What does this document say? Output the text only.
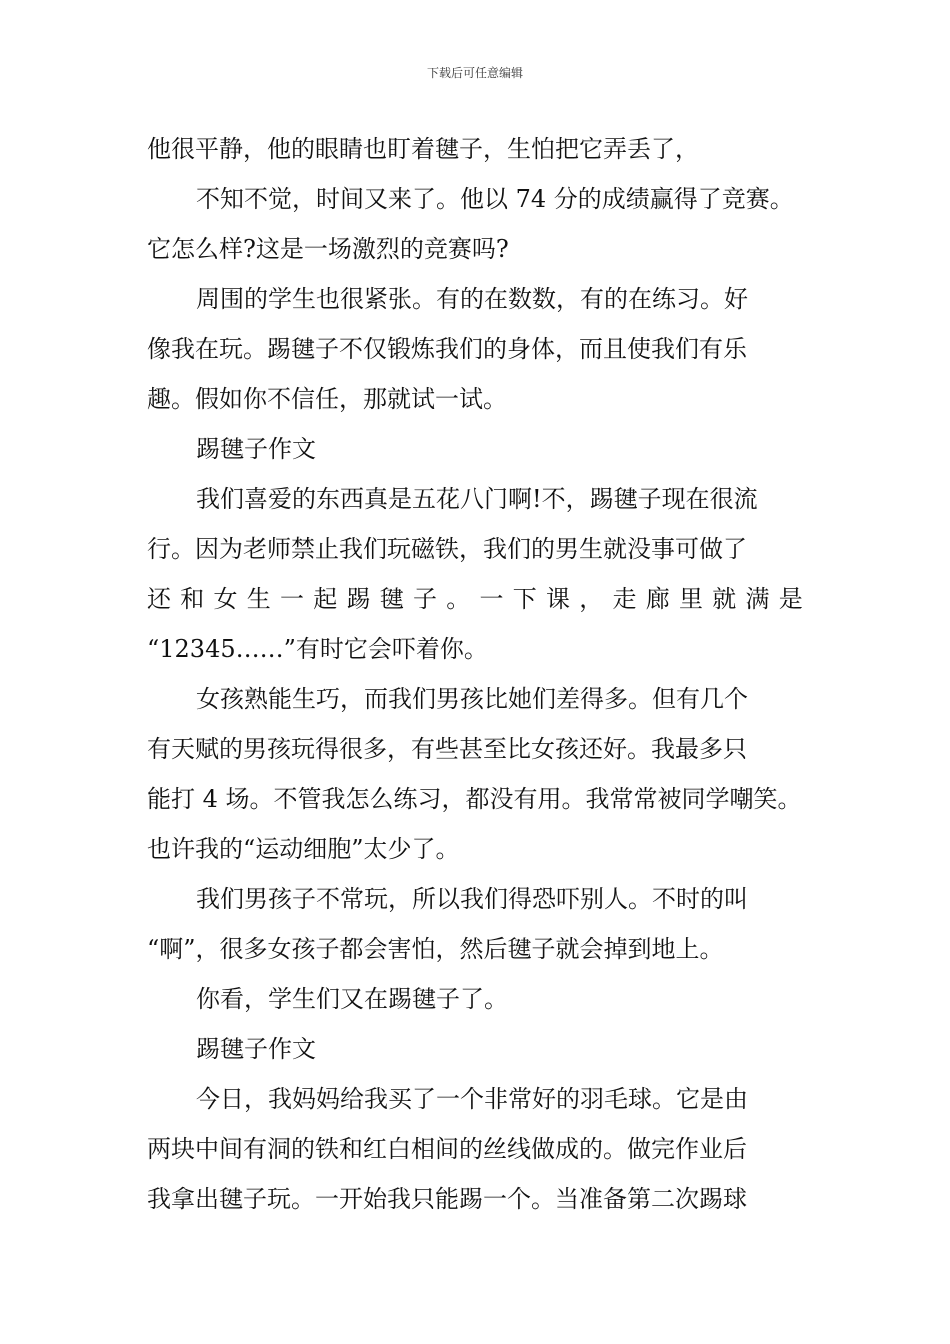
下载后可任意编辑
他很平静，他的眼睛也盯着毽子，生怕把它弄丢了，
不知不觉，时间又来了。他以 74 分的成绩赢得了竞赛。
它怎么样?这是一场激烈的竞赛吗?
周围的学生也很紧张。有的在数数，有的在练习。好
像我在玩。踢毽子不仅锻炼我们的身体，而且使我们有乐
趣。假如你不信任，那就试一试。
踢毽子作文
我们喜爱的东西真是五花八门啊!不，踢毽子现在很流
行。因为老师禁止我们玩磁铁，我们的男生就没事可做了
还 和 女 生 一 起 踢 毽 子 。 一 下 课 ， 走 廊 里 就 满 是
“12345……”有时它会吓着你。
女孩熟能生巧，而我们男孩比她们差得多。但有几个
有天赋的男孩玩得很多，有些甚至比女孩还好。我最多只
能打 4 场。不管我怎么练习，都没有用。我常常被同学嘲笑。
也许我的“运动细胞”太少了。
我们男孩子不常玩，所以我们得恐吓别人。不时的叫
“啊”，很多女孩子都会害怕，然后毽子就会掉到地上。
你看，学生们又在踢毽子了。
踢毽子作文
今日，我妈妈给我买了一个非常好的羽毛球。它是由
两块中间有洞的铁和红白相间的丝线做成的。做完作业后
我拿出毽子玩。一开始我只能踢一个。当准备第二次踢球
